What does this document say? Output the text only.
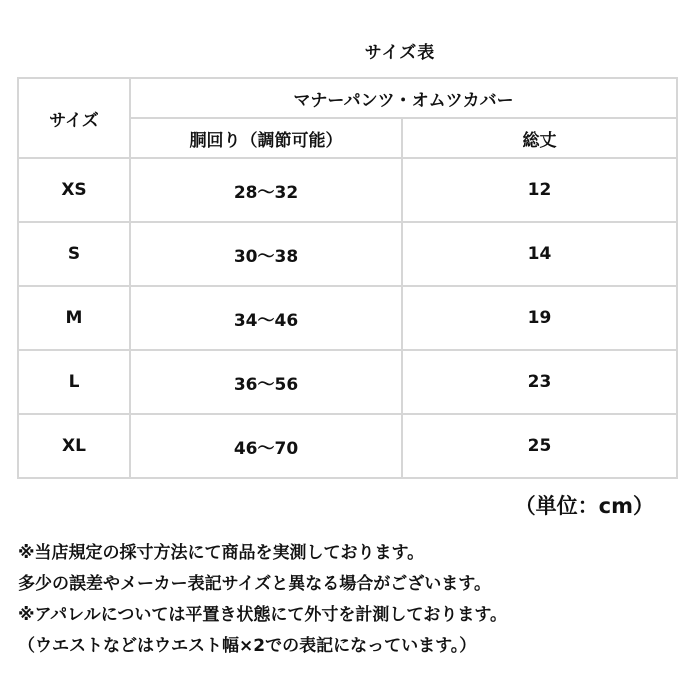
サイズ表
サイズ	マナーパンツ・オムツカバー	
	胴回り（調節可能）	総丈
XS	28〜32	12
S	30〜38	14
M	34〜46	19
L	36〜56	23
XL	46〜70	25
（単位：cm）
※当店規定の採寸方法にて商品を実測しております。
多少の誤差やメーカー表記サイズと異なる場合がございます。
※アパレルについては平置き状態にて外寸を計測しております。
（ウエストなどはウエスト幅×2での表記になっています。）
